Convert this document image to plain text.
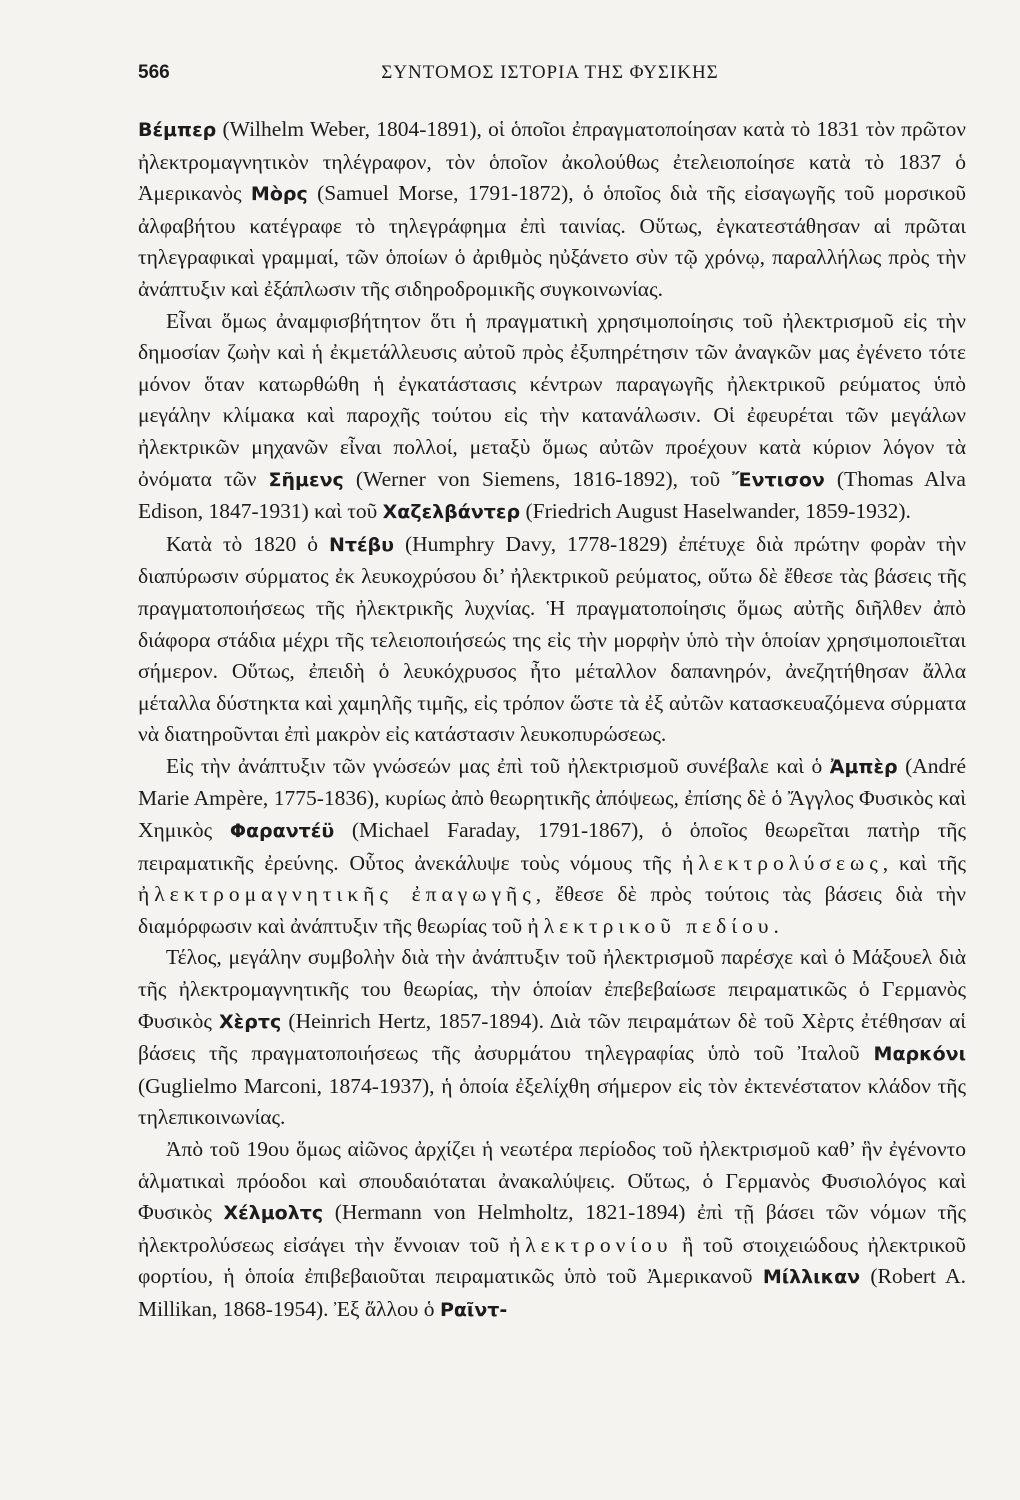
566	ΣΥΝΤΟΜΟΣ ΙΣΤΟΡΙΑ ΤΗΣ ΦΥΣΙΚΗΣ

Βέμπερ (Wilhelm Weber, 1804-1891), οἱ ὁποῖοι ἐπραγματοποίησαν κατὰ τὸ 1831 τὸν πρῶτον ἠλεκτρομαγνητικὸν τηλέγραφον, τὸν ὁποῖον ἀκολούθως ἐτελειοποίησε κατὰ τὸ 1837 ὁ Ἀμερικανὸς Μὸρς (Samuel Morse, 1791-1872), ὁ ὁποῖος διὰ τῆς εἰσαγωγῆς τοῦ μορσικοῦ ἀλφαβήτου κατέγραφε τὸ τηλεγράφημα ἐπὶ ταινίας. Οὕτως, ἐγκατεστάθησαν αἱ πρῶται τηλεγραφικαὶ γραμμαί, τῶν ὁποίων ὁ ἀριθμὸς ηὐξάνετο σὺν τῷ χρόνῳ, παραλλήλως πρὸς τὴν ἀνάπτυξιν καὶ ἐξάπλωσιν τῆς σιδηροδρομικῆς συγκοινωνίας.

Εἶναι ὅμως ἀναμφισβήτητον ὅτι ἡ πραγματικὴ χρησιμοποίησις τοῦ ἠλεκτρισμοῦ εἰς τὴν δημοσίαν ζωὴν καὶ ἡ ἐκμετάλλευσις αὐτοῦ πρὸς ἐξυπηρέτησιν τῶν ἀναγκῶν μας ἐγένετο τότε μόνον ὅταν κατωρθώθη ἡ ἐγκατάστασις κέντρων παραγωγῆς ἠλεκτρικοῦ ρεύματος ὑπὸ μεγάλην κλίμακα καὶ παροχῆς τούτου εἰς τὴν κατανάλωσιν. Οἱ ἐφευρέται τῶν μεγάλων ἠλεκτρικῶν μηχανῶν εἶναι πολλοί, μεταξὺ ὅμως αὐτῶν προέχουν κατὰ κύριον λόγον τὰ ὀνόματα τῶν Σῆμενς (Werner von Siemens, 1816-1892), τοῦ Ἔντισον (Thomas Alva Edison, 1847-1931) καὶ τοῦ Χαζελβάντερ (Friedrich August Haselwander, 1859-1932).

Κατὰ τὸ 1820 ὁ Ντέβυ (Humphry Davy, 1778-1829) ἐπέτυχε διὰ πρώτην φορὰν τὴν διαπύρωσιν σύρματος ἐκ λευκοχρύσου δι’ ἠλεκτρικοῦ ρεύματος, οὕτω δὲ ἔθεσε τὰς βάσεις τῆς πραγματοποιήσεως τῆς ἠλεκτρικῆς λυχνίας. Ἡ πραγματοποίησις ὅμως αὐτῆς διῆλθεν ἀπὸ διάφορα στάδια μέχρι τῆς τελειοποιήσεώς της εἰς τὴν μορφὴν ὑπὸ τὴν ὁποίαν χρησιμοποιεῖται σήμερον. Οὕτως, ἐπειδὴ ὁ λευκόχρυσος ἦτο μέταλλον δαπανηρόν, ἀνεζητήθησαν ἄλλα μέταλλα δύστηκτα καὶ χαμηλῆς τιμῆς, εἰς τρόπον ὥστε τὰ ἐξ αὐτῶν κατασκευαζόμενα σύρματα νὰ διατηροῦνται ἐπὶ μακρὸν εἰς κατάστασιν λευκοπυρώσεως.

Εἰς τὴν ἀνάπτυξιν τῶν γνώσεών μας ἐπὶ τοῦ ἠλεκτρισμοῦ συνέβαλε καὶ ὁ Ἀμπὲρ (André Marie Ampère, 1775-1836), κυρίως ἀπὸ θεωρητικῆς ἀπόψεως, ἐπίσης δὲ ὁ Ἄγγλος Φυσικὸς καὶ Χημικὸς Φαραντέϋ (Michael Faraday, 1791-1867), ὁ ὁποῖος θεωρεῖται πατὴρ τῆς πειραματικῆς ἐρεύνης. Οὗτος ἀνεκάλυψε τοὺς νόμους τῆς ἠλεκτρολύσεως, καὶ τῆς ἠλεκτρομαγνητικῆς ἐπαγωγῆς, ἔθεσε δὲ πρὸς τούτοις τὰς βάσεις διὰ τὴν διαμόρφωσιν καὶ ἀνάπτυξιν τῆς θεωρίας τοῦ ἠλεκτρικοῦ πεδίου.

Τέλος, μεγάλην συμβολὴν διὰ τὴν ἀνάπτυξιν τοῦ ἠλεκτρισμοῦ παρέσχε καὶ ὁ Μάξουελ διὰ τῆς ἠλεκτρομαγνητικῆς του θεωρίας, τὴν ὁποίαν ἐπεβεβαίωσε πειραματικῶς ὁ Γερμανὸς Φυσικὸς Χὲρτς (Heinrich Hertz, 1857-1894). Διὰ τῶν πειραμάτων δὲ τοῦ Χὲρτς ἐτέθησαν αἱ βάσεις τῆς πραγματοποιήσεως τῆς ἀσυρμάτου τηλεγραφίας ὑπὸ τοῦ Ἰταλοῦ Μαρκόνι (Guglielmo Marconi, 1874-1937), ἡ ὁποία ἐξελίχθη σήμερον εἰς τὸν ἐκτενέστατον κλάδον τῆς τηλεπικοινωνίας.

Ἀπὸ τοῦ 19ου ὅμως αἰῶνος ἀρχίζει ἡ νεωτέρα περίοδος τοῦ ἠλεκτρισμοῦ καθ’ ἣν ἐγένοντο ἁλματικαὶ πρόοδοι καὶ σπουδαιόταται ἀνακαλύψεις. Οὕτως, ὁ Γερμανὸς Φυσιολόγος καὶ Φυσικὸς Χέλμολτς (Hermann von Helmholtz, 1821-1894) ἐπὶ τῇ βάσει τῶν νόμων τῆς ἠλεκτρολύσεως εἰσάγει τὴν ἔννοιαν τοῦ ἠλεκτρονίου ἢ τοῦ στοιχειώδους ἠλεκτρικοῦ φορτίου, ἡ ὁποία ἐπιβεβαιοῦται πειραματικῶς ὑπὸ τοῦ Ἀμερικανοῦ Μίλλικαν (Robert A. Millikan, 1868-1954). Ἐξ ἄλλου ὁ Ραῖντ-
